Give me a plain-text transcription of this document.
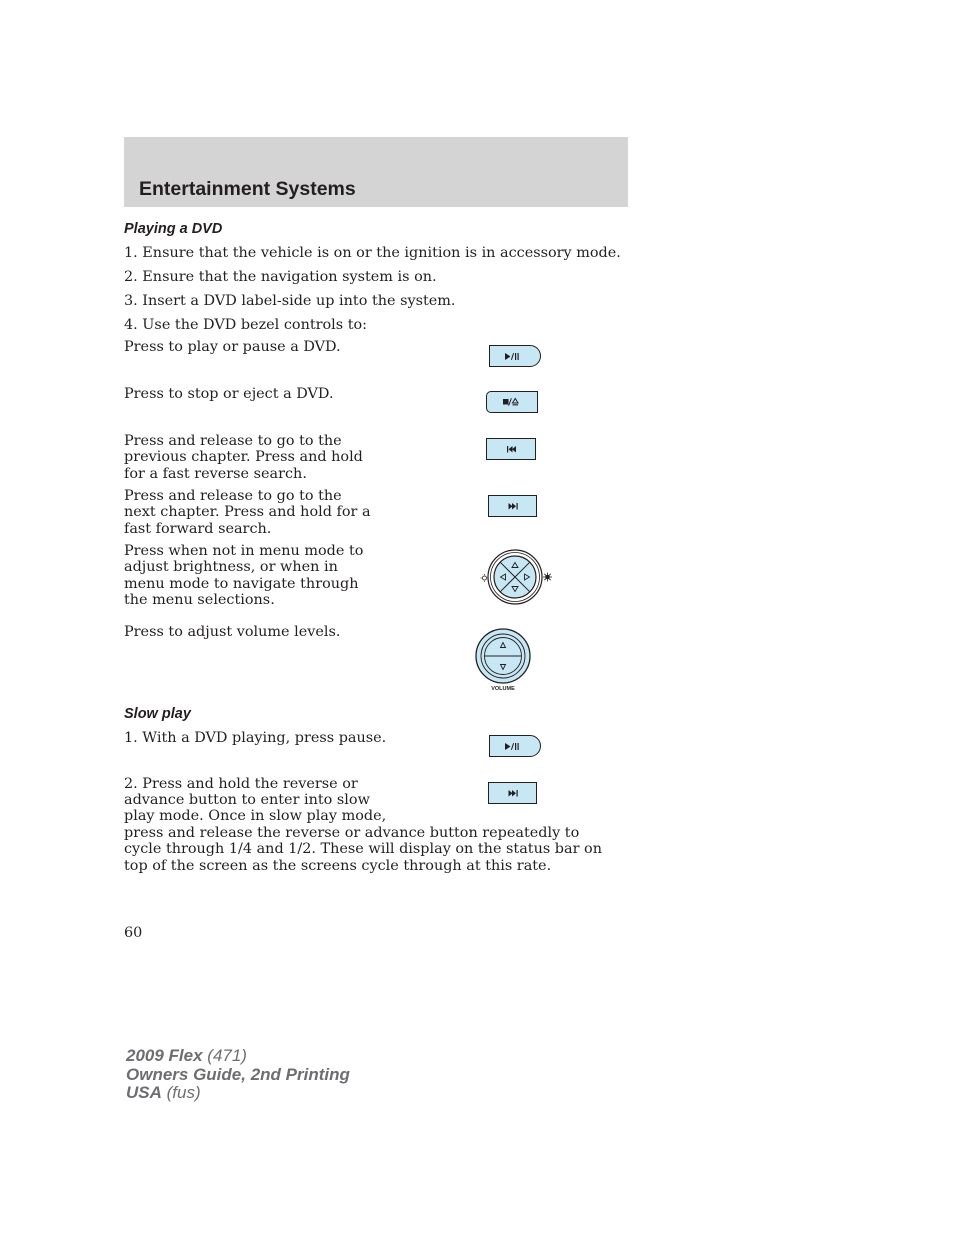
Entertainment Systems
Playing a DVD

1. Ensure that the vehicle is on or the ignition is in accessory mode.

2. Ensure that the navigation system is on.

3. Insert a DVD label-side up into the system.

4. Use the DVD bezel controls to:

Press to play or pause a DVD.

Press to stop or eject a DVD.

Press and release to go to the previous chapter. Press and hold for a fast reverse search.

Press and release to go to the next chapter. Press and hold for a fast forward search.

Press when not in menu mode to adjust brightness, or when in menu mode to navigate through the menu selections.

Press to adjust volume levels.

VOLUME
Slow play

1. With a DVD playing, press pause.

2. Press and hold the reverse or

advance button to enter into slow

play mode. Once in slow play mode,

press and release the reverse or advance button repeatedly to cycle through 1/4 and 1/2. These will display on the status bar on top of the screen as the screens cycle through at this rate.

60

2009 Flex (471)
Owners Guide, 2nd Printing
USA (fus)
